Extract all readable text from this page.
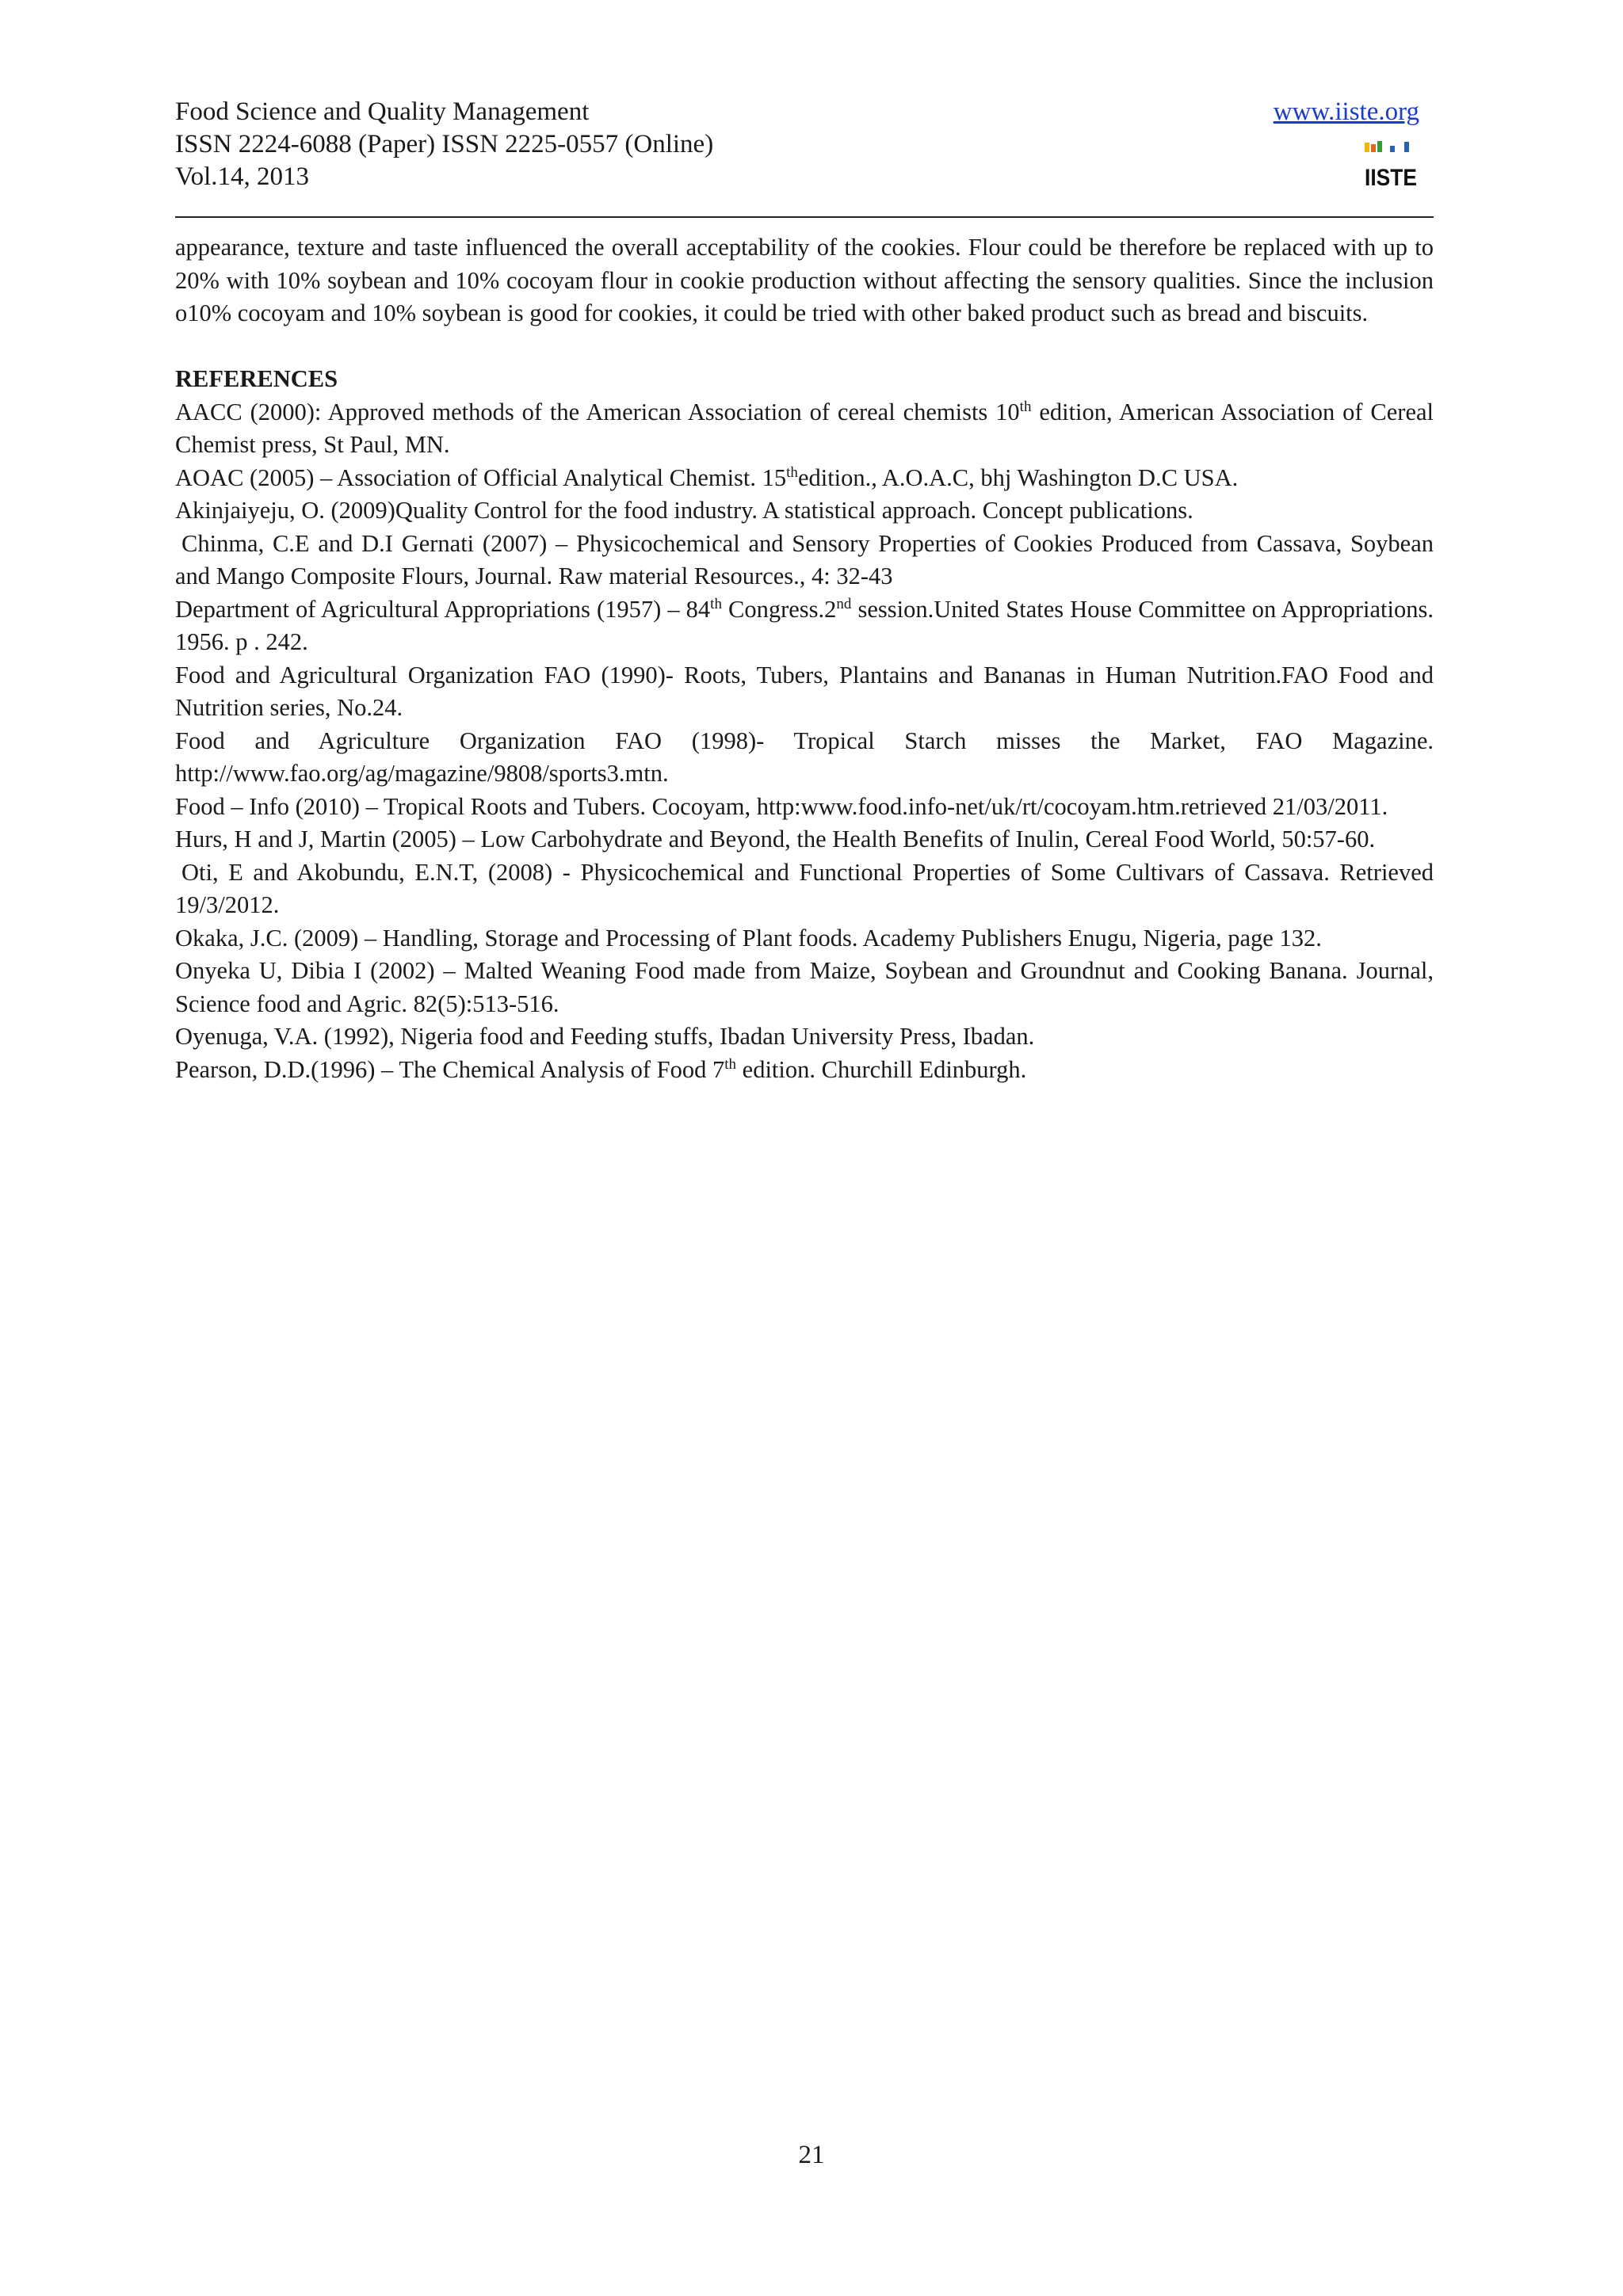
Food Science and Quality Management
ISSN 2224-6088 (Paper) ISSN 2225-0557 (Online)
Vol.14, 2013
www.iiste.org
IISTE

appearance, texture and taste influenced the overall acceptability of the cookies. Flour could be therefore be replaced with up to 20% with 10% soybean and 10% cocoyam flour in cookie production without affecting the sensory qualities. Since the inclusion o10% cocoyam and 10% soybean is good for cookies, it could be tried with other baked product such as bread and biscuits.

REFERENCES

AACC (2000): Approved methods of the American Association of cereal chemists 10th edition, American Association of Cereal Chemist press, St Paul, MN.

AOAC (2005) – Association of Official Analytical Chemist. 15thedition., A.O.A.C, bhj Washington D.C USA.

Akinjaiyeju, O. (2009)Quality Control for the food industry. A statistical approach. Concept publications.

Chinma, C.E and D.I Gernati (2007) – Physicochemical and Sensory Properties of Cookies Produced from Cassava, Soybean and Mango Composite Flours, Journal. Raw material Resources., 4: 32-43

Department of Agricultural Appropriations (1957) – 84th Congress.2nd session.United States House Committee on Appropriations. 1956. p . 242.

Food and Agricultural Organization FAO (1990)- Roots, Tubers, Plantains and Bananas in Human Nutrition.FAO Food and Nutrition series, No.24.

Food and Agriculture Organization FAO (1998)- Tropical Starch misses the Market, FAO Magazine. http://www.fao.org/ag/magazine/9808/sports3.mtn.

Food – Info (2010) – Tropical Roots and Tubers. Cocoyam, http:www.food.info-net/uk/rt/cocoyam.htm.retrieved 21/03/2011.

Hurs, H and J, Martin (2005) – Low Carbohydrate and Beyond, the Health Benefits of Inulin, Cereal Food World, 50:57-60.

Oti, E and Akobundu, E.N.T, (2008) - Physicochemical and Functional Properties of Some Cultivars of Cassava. Retrieved 19/3/2012.

Okaka, J.C. (2009) – Handling, Storage and Processing of Plant foods. Academy Publishers Enugu, Nigeria, page 132.

Onyeka U, Dibia I (2002) – Malted Weaning Food made from Maize, Soybean and Groundnut and Cooking Banana. Journal, Science food and Agric. 82(5):513-516.

Oyenuga, V.A. (1992), Nigeria food and Feeding stuffs, Ibadan University Press, Ibadan.

Pearson, D.D.(1996) – The Chemical Analysis of Food 7th edition. Churchill Edinburgh.

21
